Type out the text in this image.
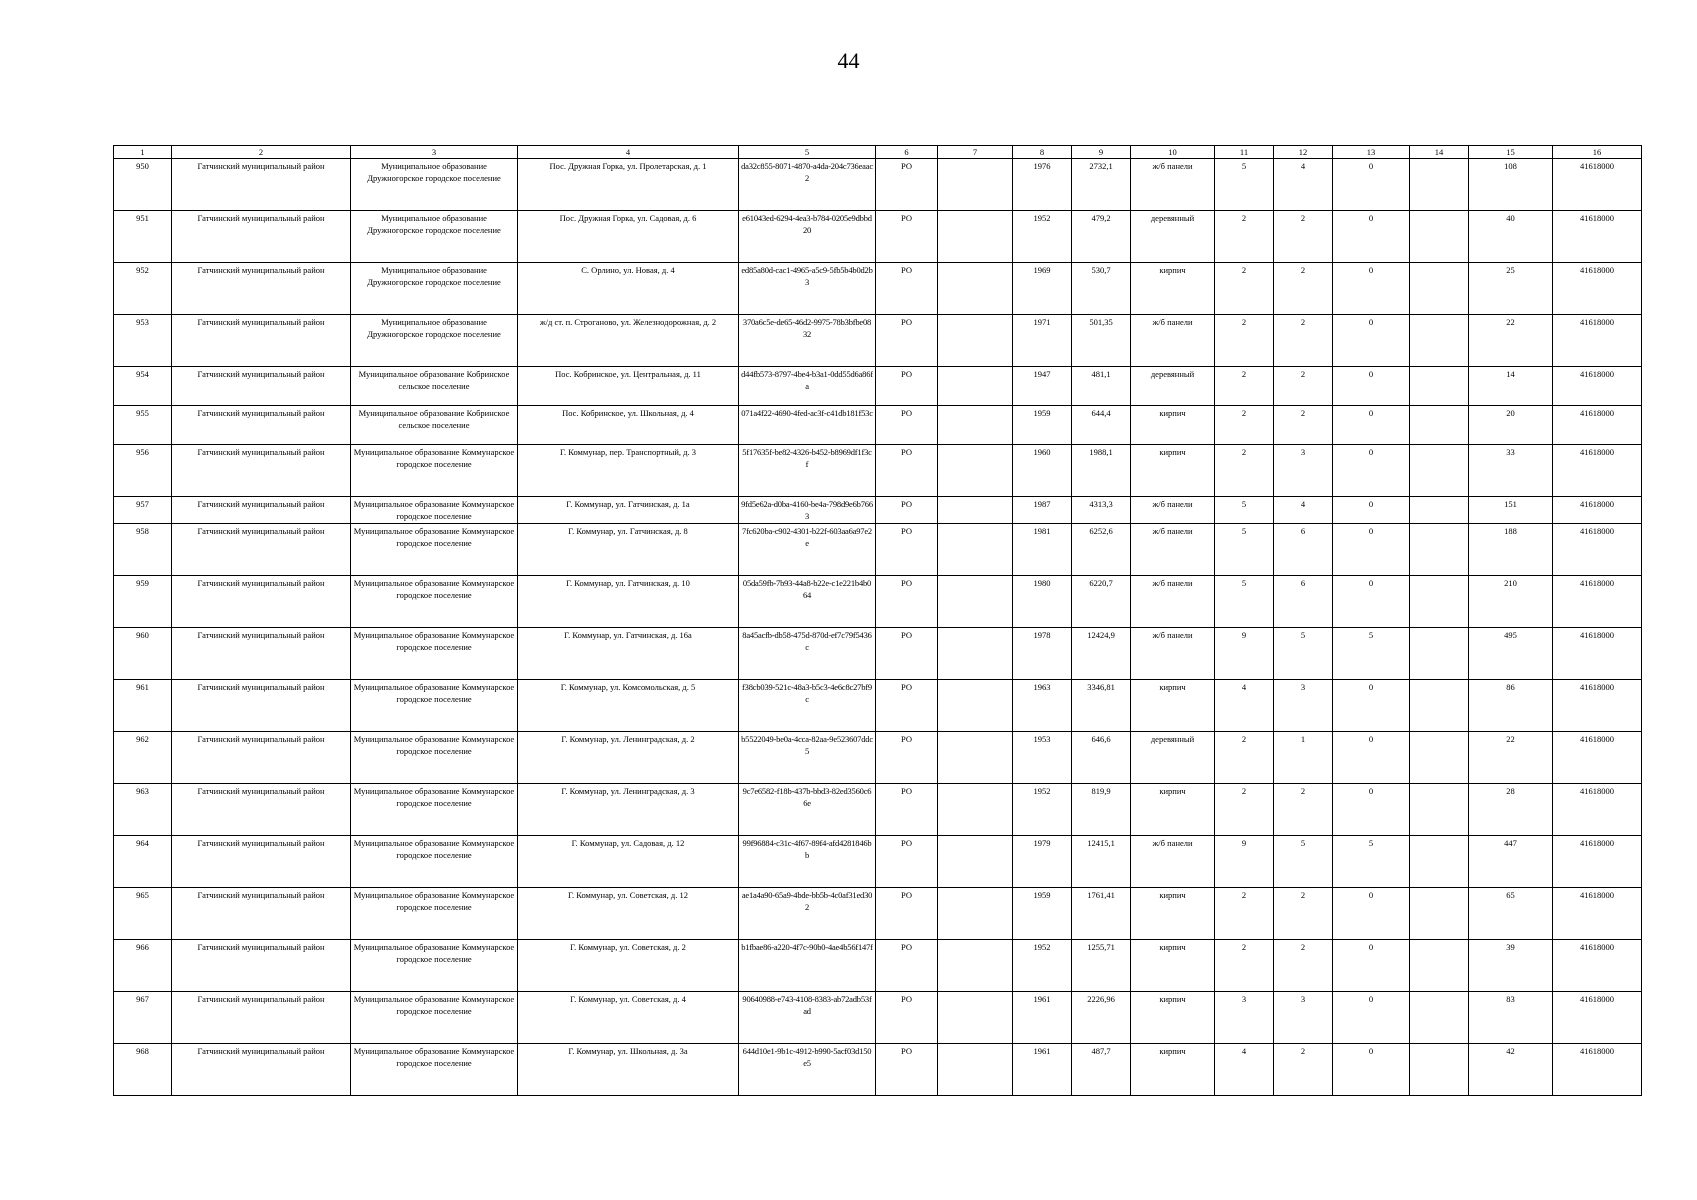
44
1	2	3	4	5	6	7	8	9	10	11	12	13	14	15	16
950	Гатчинский муниципальный район	Муниципальное образование Дружногорское городское поселение	Пос. Дружная Горка, ул. Пролетарская, д. 1	da32c855-8071-4870-a4da-204c736eaac2	РО		1976	2732,1	ж/б панели	5	4	0		108	41618000
951	Гатчинский муниципальный район	Муниципальное образование Дружногорское городское поселение	Пос. Дружная Горка, ул. Садовая, д. 6	e61043ed-6294-4ea3-b784-0205e9dbbd20	РО		1952	479,2	деревянный	2	2	0		40	41618000
952	Гатчинский муниципальный район	Муниципальное образование Дружногорское городское поселение	С. Орлино, ул. Новая, д. 4	ed85a80d-cac1-4965-a5c9-5fb5b4b0d2b3	РО		1969	530,7	кирпич	2	2	0		25	41618000
953	Гатчинский муниципальный район	Муниципальное образование Дружногорское городское поселение	ж/д ст. п. Строганово, ул. Железнодорожная, д. 2	370a6c5e-de65-46d2-9975-78b3bfbe0832	РО		1971	501,35	ж/б панели	2	2	0		22	41618000
954	Гатчинский муниципальный район	Муниципальное образование Кобринское сельское поселение	Пос. Кобринское, ул. Центральная, д. 11	d44fb573-8797-4be4-b3a1-0dd55d6a86fa	РО		1947	481,1	деревянный	2	2	0		14	41618000
955	Гатчинский муниципальный район	Муниципальное образование Кобринское сельское поселение	Пос. Кобринское, ул. Школьная, д. 4	071a4f22-4690-4fed-ac3f-c41db181f53c	РО		1959	644,4	кирпич	2	2	0		20	41618000
956	Гатчинский муниципальный район	Муниципальное образование Коммунарское городское поселение	Г. Коммунар, пер. Транспортный, д. 3	5f17635f-be82-4326-b452-b8969df1f3cf	РО		1960	1988,1	кирпич	2	3	0		33	41618000
957	Гатчинский муниципальный район	Муниципальное образование Коммунарское городское поселение	Г. Коммунар, ул. Гатчинская, д. 1а	9fd5e62a-d0ba-4160-be4a-798d9e6b7663	РО		1987	4313,3	ж/б панели	5	4	0		151	41618000
958	Гатчинский муниципальный район	Муниципальное образование Коммунарское городское поселение	Г. Коммунар, ул. Гатчинская, д. 8	7fc620ba-c902-4301-b22f-603aa6a97e2e	РО		1981	6252,6	ж/б панели	5	6	0		188	41618000
959	Гатчинский муниципальный район	Муниципальное образование Коммунарское городское поселение	Г. Коммунар, ул. Гатчинская, д. 10	05da59fb-7b93-44a8-b22e-c1e221b4b064	РО		1980	6220,7	ж/б панели	5	6	0		210	41618000
960	Гатчинский муниципальный район	Муниципальное образование Коммунарское городское поселение	Г. Коммунар, ул. Гатчинская, д. 16а	8a45acfb-db58-475d-870d-ef7c79f5436c	РО		1978	12424,9	ж/б панели	9	5	5		495	41618000
961	Гатчинский муниципальный район	Муниципальное образование Коммунарское городское поселение	Г. Коммунар, ул. Комсомольская, д. 5	f38cb039-521c-48a3-b5c3-4e6c8c27bf9c	РО		1963	3346,81	кирпич	4	3	0		86	41618000
962	Гатчинский муниципальный район	Муниципальное образование Коммунарское городское поселение	Г. Коммунар, ул. Ленинградская, д. 2	b5522049-be0a-4cca-82aa-9e523607ddc5	РО		1953	646,6	деревянный	2	1	0		22	41618000
963	Гатчинский муниципальный район	Муниципальное образование Коммунарское городское поселение	Г. Коммунар, ул. Ленинградская, д. 3	9c7e6582-f18b-437b-bbd3-82ed3560c66e	РО		1952	819,9	кирпич	2	2	0		28	41618000
964	Гатчинский муниципальный район	Муниципальное образование Коммунарское городское поселение	Г. Коммунар, ул. Садовая, д. 12	99f96884-c31c-4f67-89f4-afd4281846bb	РО		1979	12415,1	ж/б панели	9	5	5		447	41618000
965	Гатчинский муниципальный район	Муниципальное образование Коммунарское городское поселение	Г. Коммунар, ул. Советская, д. 12	ae1a4a90-65a9-4bde-bb5b-4c0af31ed302	РО		1959	1761,41	кирпич	2	2	0		65	41618000
966	Гатчинский муниципальный район	Муниципальное образование Коммунарское городское поселение	Г. Коммунар, ул. Советская, д. 2	b1fbae86-a220-4f7c-90b0-4ae4b56f147f	РО		1952	1255,71	кирпич	2	2	0		39	41618000
967	Гатчинский муниципальный район	Муниципальное образование Коммунарское городское поселение	Г. Коммунар, ул. Советская, д. 4	90640988-e743-4108-8383-ab72adb53fad	РО		1961	2226,96	кирпич	3	3	0		83	41618000
968	Гатчинский муниципальный район	Муниципальное образование Коммунарское городское поселение	Г. Коммунар, ул. Школьная, д. 3а	644d10e1-9b1c-4912-b990-5acf03d150e5	РО		1961	487,7	кирпич	4	2	0		42	41618000
